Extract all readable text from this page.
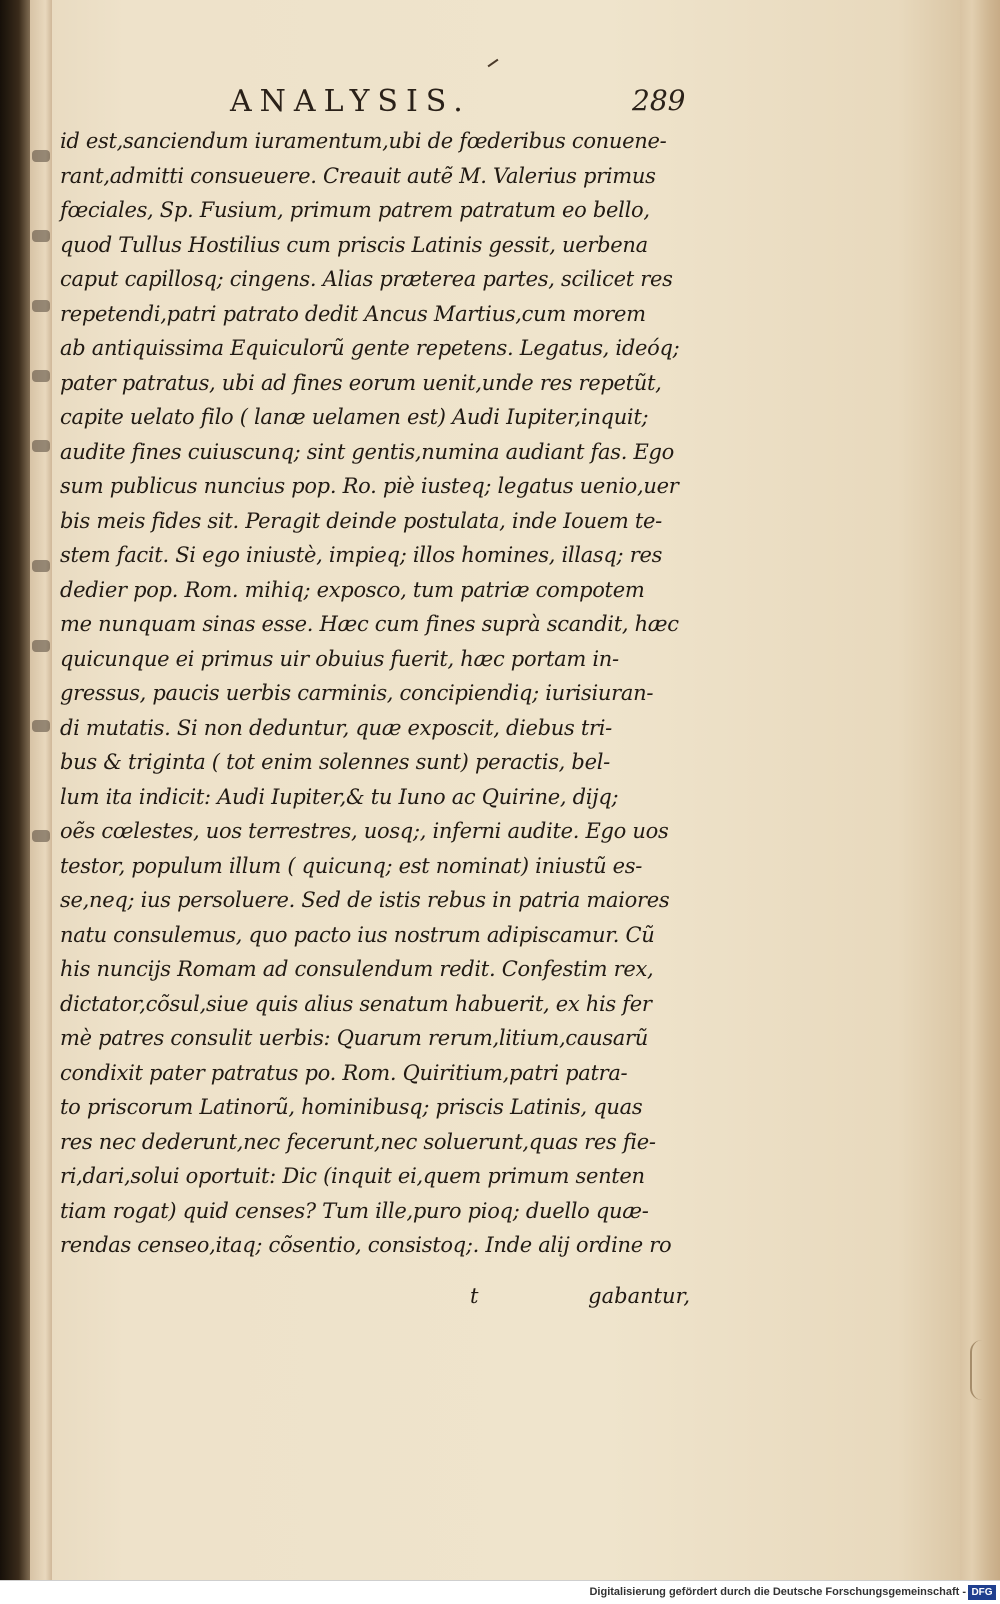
ANALYSIS.	289
id est,sanciendum iuramentum,ubi de fœderibus conuene-
rant,admitti consueuere. Creauit autẽ M. Valerius primus
fœciales, Sp. Fusium, primum patrem patratum eo bello,
quod Tullus Hostilius cum priscis Latinis gessit, uerbena
caput capillosq; cingens. Alias præterea partes, scilicet res
repetendi,patri patrato dedit Ancus Martius,cum morem
ab antiquissima Equiculorũ gente repetens. Legatus, ideóq;
pater patratus, ubi ad fines eorum uenit,unde res repetũt,
capite uelato filo ( lanæ uelamen est) Audi Iupiter,inquit;
audite fines cuiuscunq; sint gentis,numina audiant fas. Ego
sum publicus nuncius pop. Ro. piè iusteq; legatus uenio,uer
bis meis fides sit. Peragit deinde postulata, inde Iouem te-
stem facit. Si ego iniustè, impieq; illos homines, illasq; res
dedier pop. Rom. mihiq; exposco, tum patriæ compotem
me nunquam sinas esse. Hæc cum fines suprà scandit, hæc
quicunque ei primus uir obuius fuerit, hæc portam in-
gressus, paucis uerbis carminis, concipiendiq; iurisiuran-
di mutatis. Si non deduntur, quæ exposcit, diebus tri-
bus & triginta ( tot enim solennes sunt) peractis, bel-
lum ita indicit: Audi Iupiter,& tu Iuno ac Quirine, dijq;
oẽs cœlestes, uos terrestres, uosq;, inferni audite. Ego uos
testor, populum illum ( quicunq; est nominat) iniustũ es-
se,neq; ius persoluere. Sed de istis rebus in patria maiores
natu consulemus, quo pacto ius nostrum adipiscamur. Cũ
his nuncijs Romam ad consulendum redit. Confestim rex,
dictator,cõsul,siue quis alius senatum habuerit, ex his fer
mè patres consulit uerbis: Quarum rerum,litium,causarũ
condixit pater patratus po. Rom. Quiritium,patri patra-
to priscorum Latinorũ, hominibusq; priscis Latinis, quas
res nec dederunt,nec fecerunt,nec soluerunt,quas res fie-
ri,dari,solui oportuit: Dic (inquit ei,quem primum senten
tiam rogat) quid censes? Tum ille,puro pioq; duello quæ-
rendas censeo,itaq; cõsentio, consistoq;. Inde alij ordine ro
t	gabantur,
Digitalisierung gefördert durch die Deutsche Forschungsgemeinschaft - DFG
